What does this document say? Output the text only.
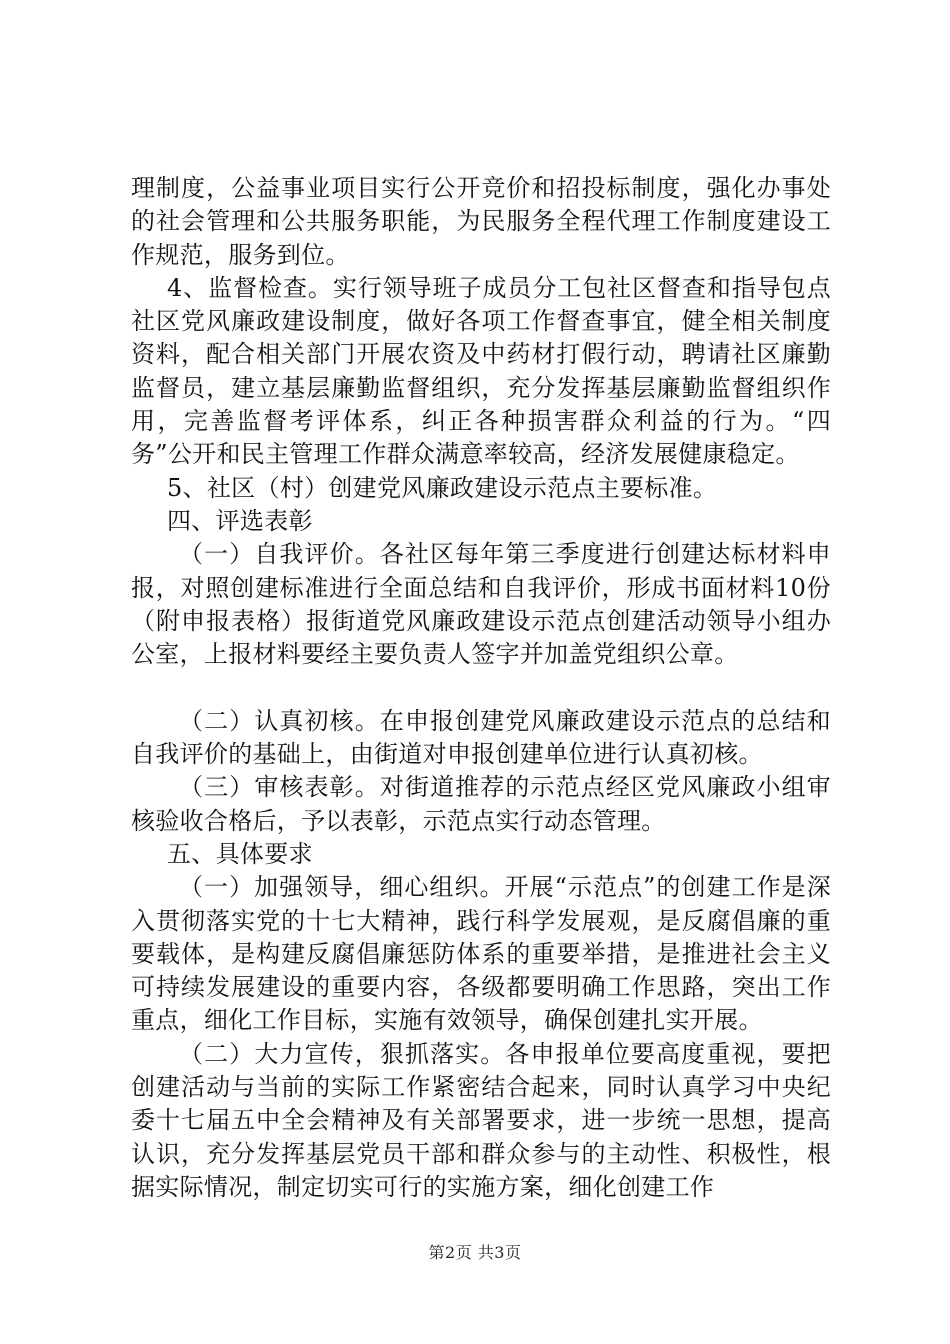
理制度，公益事业项目实行公开竞价和招投标制度，强化办事处的社会管理和公共服务职能，为民服务全程代理工作制度建设工作规范，服务到位。

4、监督检查。实行领导班子成员分工包社区督查和指导包点社区党风廉政建设制度，做好各项工作督查事宜，健全相关制度资料，配合相关部门开展农资及中药材打假行动，聘请社区廉勤监督员，建立基层廉勤监督组织，充分发挥基层廉勤监督组织作用，完善监督考评体系，纠正各种损害群众利益的行为。“四务”公开和民主管理工作群众满意率较高，经济发展健康稳定。

5、社区（村）创建党风廉政建设示范点主要标准。

四、评选表彰

（一）自我评价。各社区每年第三季度进行创建达标材料申报，对照创建标准进行全面总结和自我评价，形成书面材料10份（附申报表格）报街道党风廉政建设示范点创建活动领导小组办公室，上报材料要经主要负责人签字并加盖党组织公章。

（二）认真初核。在申报创建党风廉政建设示范点的总结和自我评价的基础上，由街道对申报创建单位进行认真初核。

（三）审核表彰。对街道推荐的示范点经区党风廉政小组审核验收合格后，予以表彰，示范点实行动态管理。

五、具体要求

（一）加强领导，细心组织。开展“示范点”的创建工作是深入贯彻落实党的十七大精神，践行科学发展观，是反腐倡廉的重要载体，是构建反腐倡廉惩防体系的重要举措，是推进社会主义可持续发展建设的重要内容，各级都要明确工作思路，突出工作重点，细化工作目标，实施有效领导，确保创建扎实开展。

（二）大力宣传，狠抓落实。各申报单位要高度重视，要把创建活动与当前的实际工作紧密结合起来，同时认真学习中央纪委十七届五中全会精神及有关部署要求，进一步统一思想，提高认识，充分发挥基层党员干部和群众参与的主动性、积极性，根据实际情况，制定切实可行的实施方案，细化创建工作

第2页 共3页
